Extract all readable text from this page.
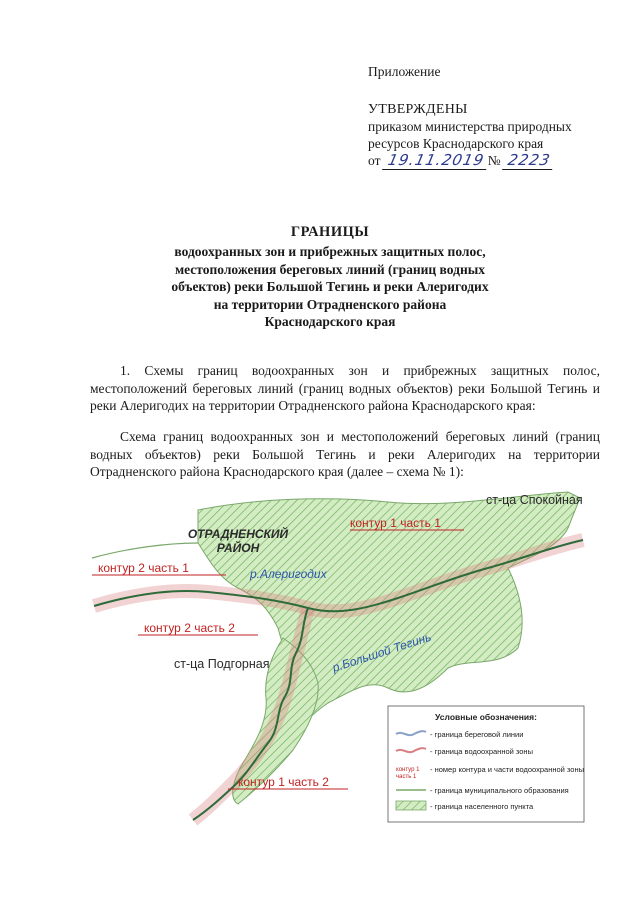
Приложение
УТВЕРЖДЕНЫ
приказом министерства природных
ресурсов Краснодарского края
от 19.11.2019 № 2223
ГРАНИЦЫ
водоохранных зон и прибрежных защитных полос,
местоположения береговых линий (границ водных
объектов) реки Большой Тегинь и реки Алеригодих
на территории Отрадненского района
Краснодарского края
1. Схемы границ водоохранных зон и прибрежных защитных полос, местоположений береговых линий (границ водных объектов) реки Большой Тегинь и реки Алеригодих на территории Отрадненского района Краснодарского края:
Схема границ водоохранных зон и местоположений береговых линий (границ водных объектов) реки Большой Тегинь и реки Алеригодих на территории Отрадненского района Краснодарского края (далее – схема № 1):
ОТРАДНЕНСКИЙ
РАЙОН
ст-ца Спокойная
ст-ца Подгорная
контур 1 часть 1
контур 2 часть 1
контур 2 часть 2
контур 1 часть 2
р.Алеригодих
р.Большой Тегинь
Условные обозначения:
- граница береговой линии
- граница водоохранной зоны
контур 1
часть 1
- номер контура и части водоохранной зоны
- граница муниципального образования
- граница населенного пункта
